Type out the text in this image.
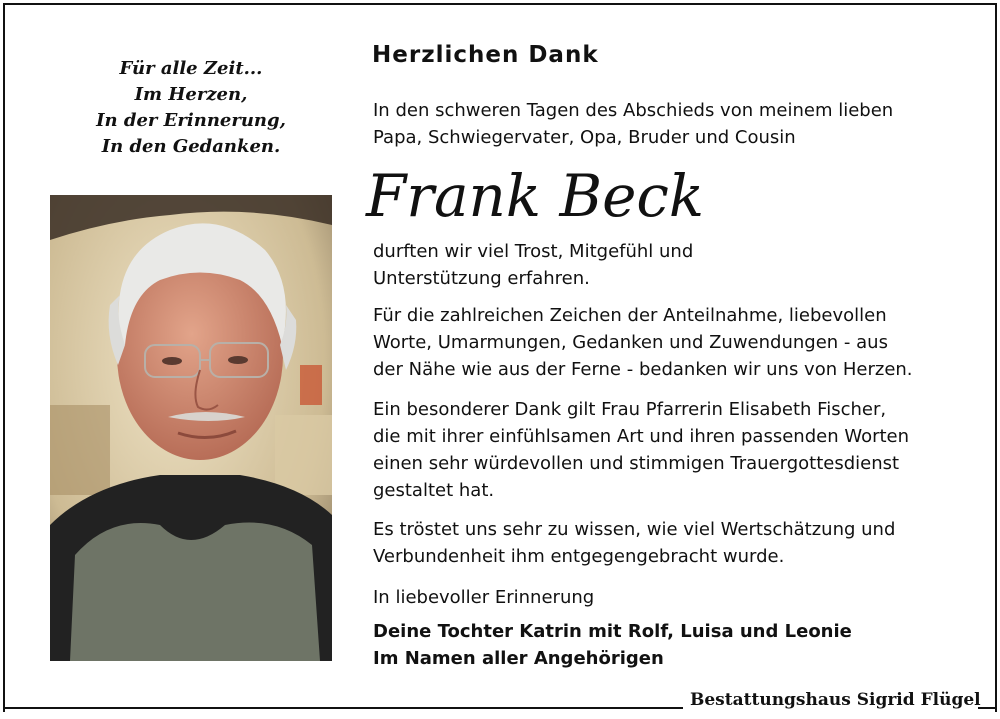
Für alle Zeit...
Im Herzen,
In der Erinnerung,
In den Gedanken.
Herzlichen Dank
In den schweren Tagen des Abschieds von meinem lieben
Papa, Schwiegervater, Opa, Bruder und Cousin
Frank Beck
durften wir viel Trost, Mitgefühl und
Unterstützung erfahren.
Für die zahlreichen Zeichen der Anteilnahme, liebevollen
Worte, Umarmungen, Gedanken und Zuwendungen - aus
der Nähe wie aus der Ferne - bedanken wir uns von Herzen.
Ein besonderer Dank gilt Frau Pfarrerin Elisabeth Fischer,
die mit ihrer einfühlsamen Art und ihren passenden Worten
einen sehr würdevollen und stimmigen Trauergottesdienst
gestaltet hat.
Es tröstet uns sehr zu wissen, wie viel Wertschätzung und
Verbundenheit ihm entgegengebracht wurde.
In liebevoller Erinnerung
Deine Tochter Katrin mit Rolf, Luisa und Leonie
Im Namen aller Angehörigen
Bestattungshaus Sigrid Flügel
